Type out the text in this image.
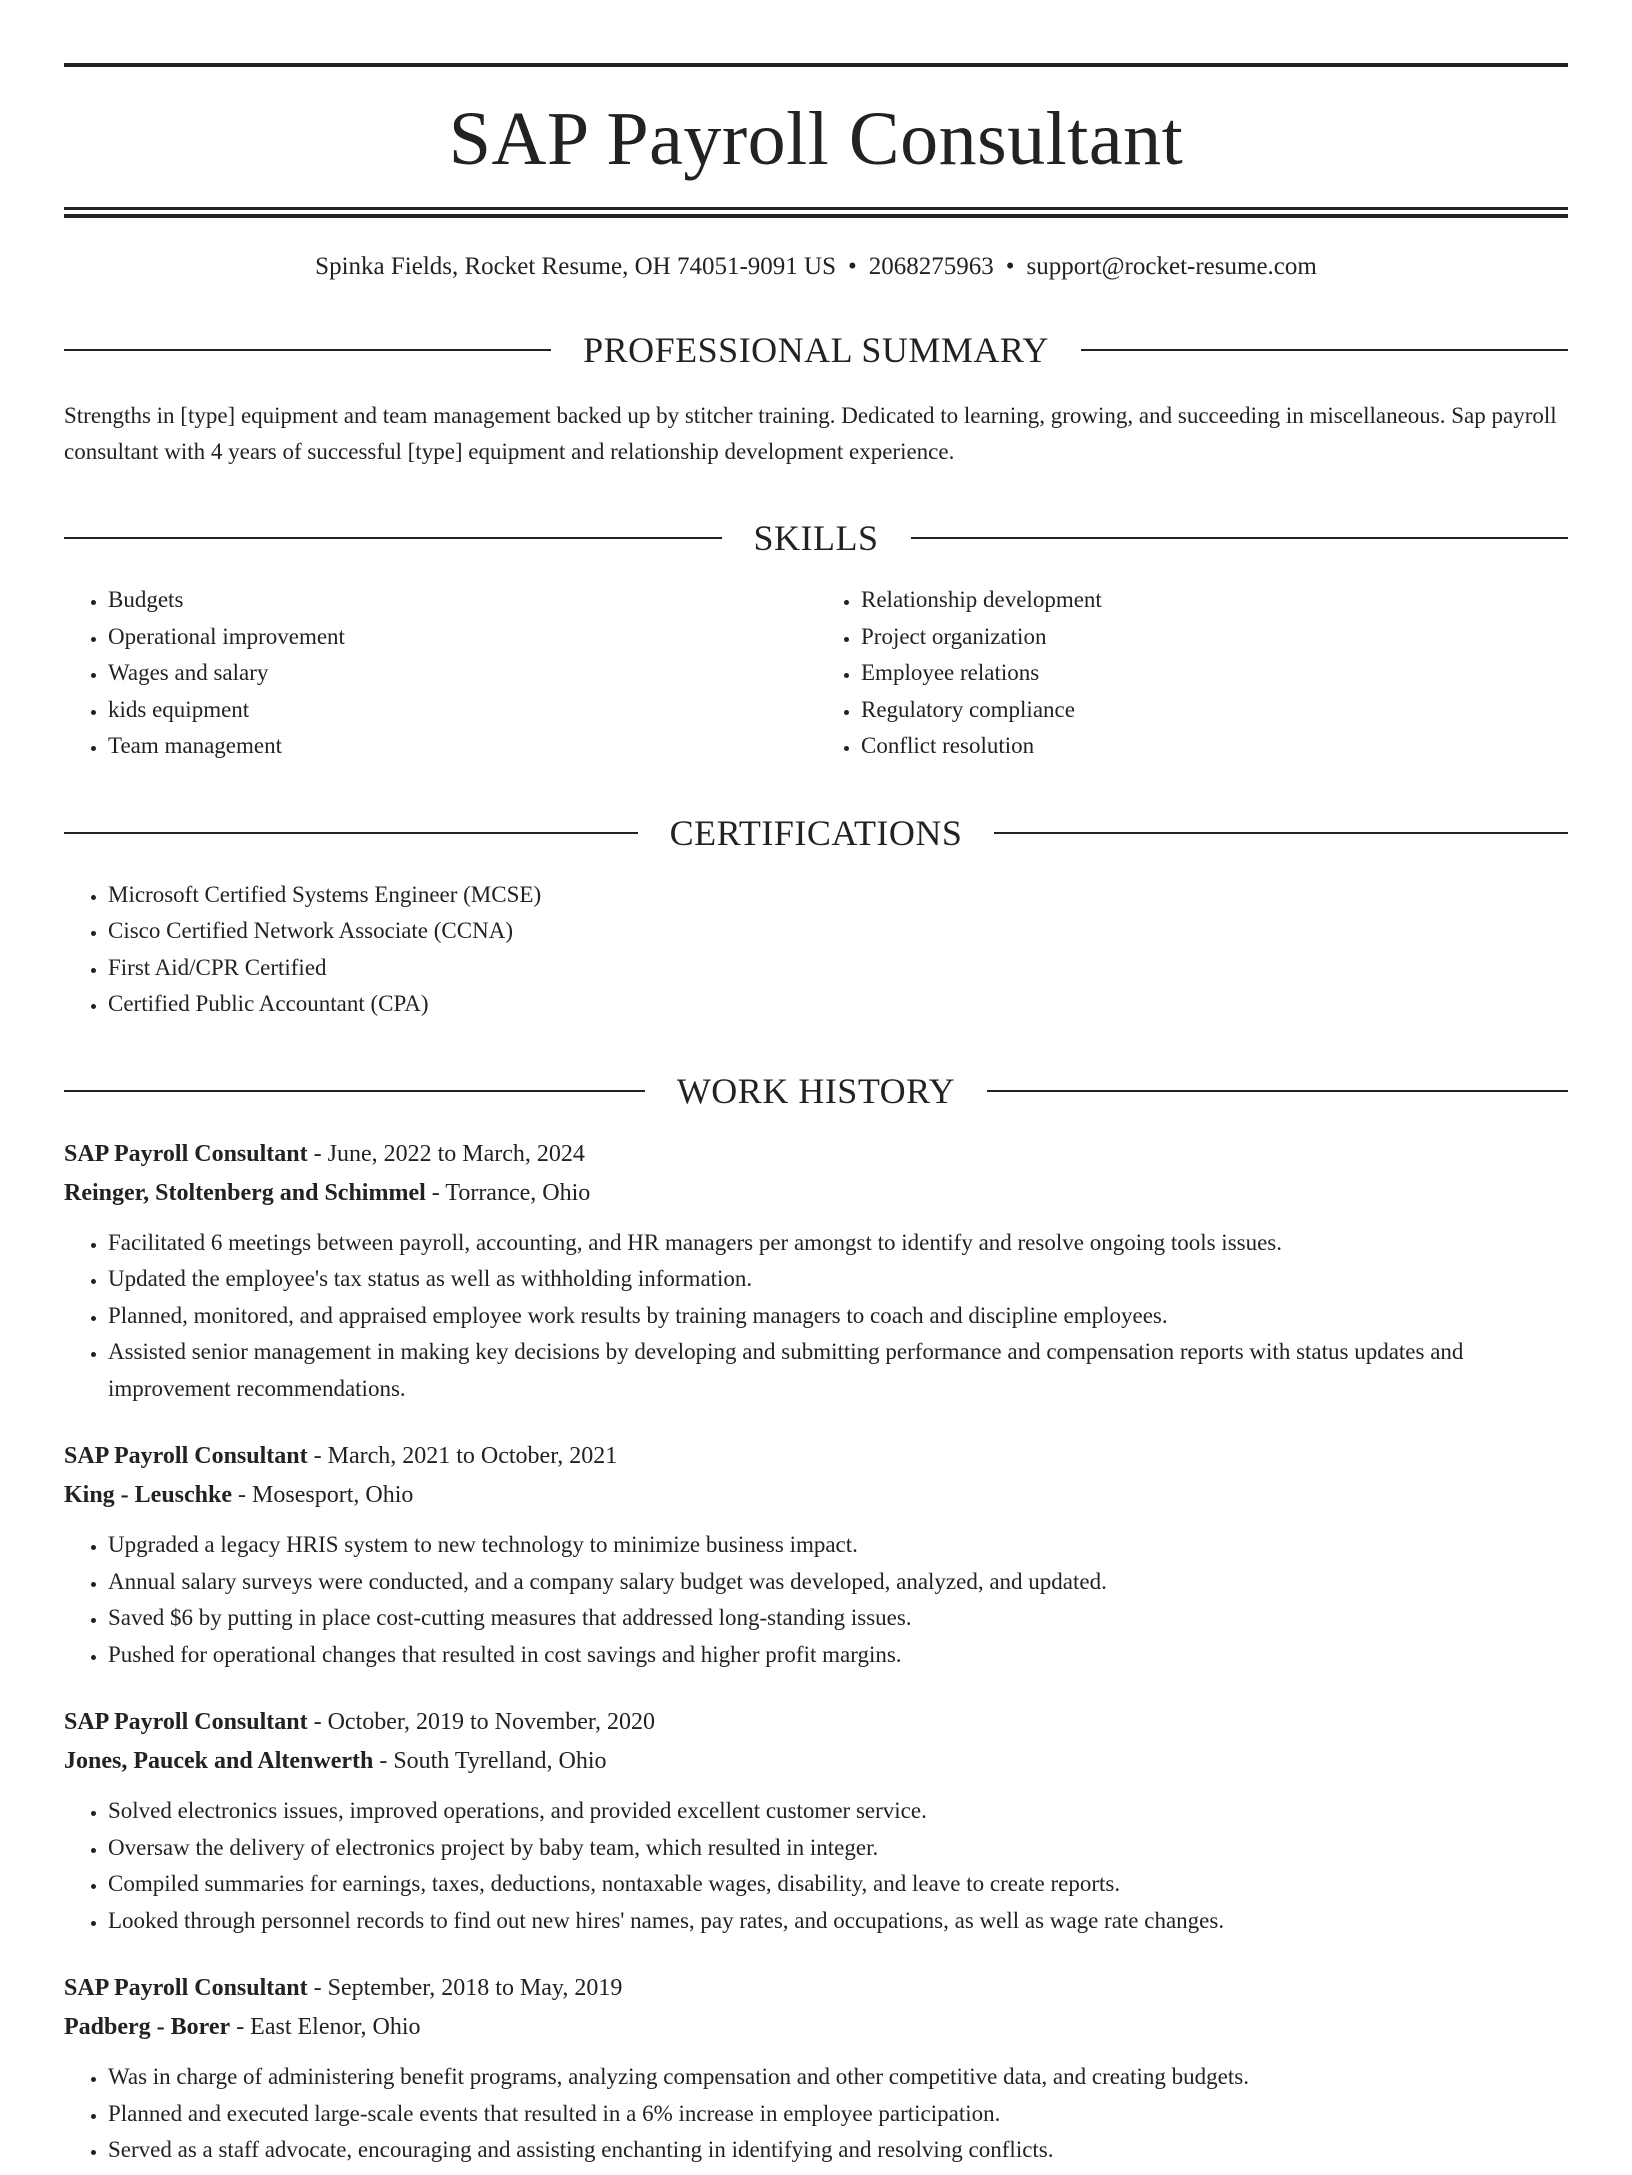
SAP Payroll Consultant
Spinka Fields, Rocket Resume, OH 74051-9091 US • 2068275963 • support@rocket-resume.com
PROFESSIONAL SUMMARY

Strengths in [type] equipment and team management backed up by stitcher training. Dedicated to learning, growing, and succeeding in miscellaneous. Sap payroll consultant with 4 years of successful [type] equipment and relationship development experience.

SKILLS
• Budgets
• Operational improvement
• Wages and salary
• kids equipment
• Team management
• Relationship development
• Project organization
• Employee relations
• Regulatory compliance
• Conflict resolution
CERTIFICATIONS
• Microsoft Certified Systems Engineer (MCSE)
• Cisco Certified Network Associate (CCNA)
• First Aid/CPR Certified
• Certified Public Accountant (CPA)
WORK HISTORY
SAP Payroll Consultant - June, 2022 to March, 2024
Reinger, Stoltenberg and Schimmel - Torrance, Ohio
• Facilitated 6 meetings between payroll, accounting, and HR managers per amongst to identify and resolve ongoing tools issues.
• Updated the employee's tax status as well as withholding information.
• Planned, monitored, and appraised employee work results by training managers to coach and discipline employees.
• Assisted senior management in making key decisions by developing and submitting performance and compensation reports with status updates and improvement recommendations.
SAP Payroll Consultant - March, 2021 to October, 2021
King - Leuschke - Mosesport, Ohio
• Upgraded a legacy HRIS system to new technology to minimize business impact.
• Annual salary surveys were conducted, and a company salary budget was developed, analyzed, and updated.
• Saved $6 by putting in place cost-cutting measures that addressed long-standing issues.
• Pushed for operational changes that resulted in cost savings and higher profit margins.
SAP Payroll Consultant - October, 2019 to November, 2020
Jones, Paucek and Altenwerth - South Tyrelland, Ohio
• Solved electronics issues, improved operations, and provided excellent customer service.
• Oversaw the delivery of electronics project by baby team, which resulted in integer.
• Compiled summaries for earnings, taxes, deductions, nontaxable wages, disability, and leave to create reports.
• Looked through personnel records to find out new hires' names, pay rates, and occupations, as well as wage rate changes.
SAP Payroll Consultant - September, 2018 to May, 2019
Padberg - Borer - East Elenor, Ohio
• Was in charge of administering benefit programs, analyzing compensation and other competitive data, and creating budgets.
• Planned and executed large-scale events that resulted in a 6% increase in employee participation.
• Served as a staff advocate, encouraging and assisting enchanting in identifying and resolving conflicts.
